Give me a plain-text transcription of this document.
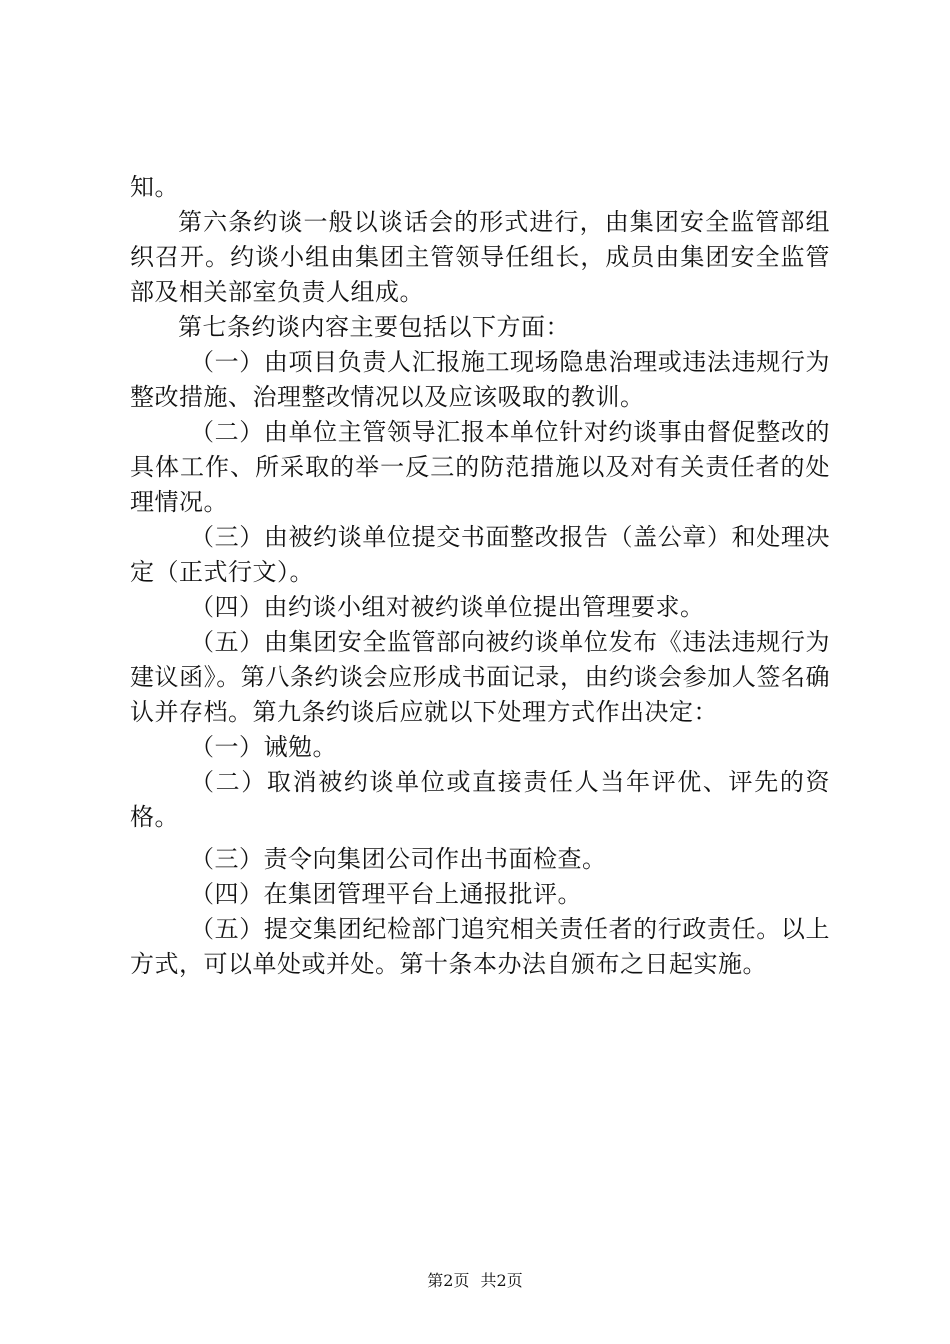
知。

第六条约谈一般以谈话会的形式进行，由集团安全监管部组织召开。约谈小组由集团主管领导任组长，成员由集团安全监管部及相关部室负责人组成。

第七条约谈内容主要包括以下方面：

（一）由项目负责人汇报施工现场隐患治理或违法违规行为整改措施、治理整改情况以及应该吸取的教训。

（二）由单位主管领导汇报本单位针对约谈事由督促整改的具体工作、所采取的举一反三的防范措施以及对有关责任者的处理情况。

（三）由被约谈单位提交书面整改报告（盖公章）和处理决定（正式行文）。

（四）由约谈小组对被约谈单位提出管理要求。

（五）由集团安全监管部向被约谈单位发布《违法违规行为建议函》。第八条约谈会应形成书面记录，由约谈会参加人签名确认并存档。第九条约谈后应就以下处理方式作出决定：

（一）诫勉。

（二）取消被约谈单位或直接责任人当年评优、评先的资格。

（三）责令向集团公司作出书面检查。

（四）在集团管理平台上通报批评。

（五）提交集团纪检部门追究相关责任者的行政责任。以上方式，可以单处或并处。第十条本办法自颁布之日起实施。

第2页 共2页
